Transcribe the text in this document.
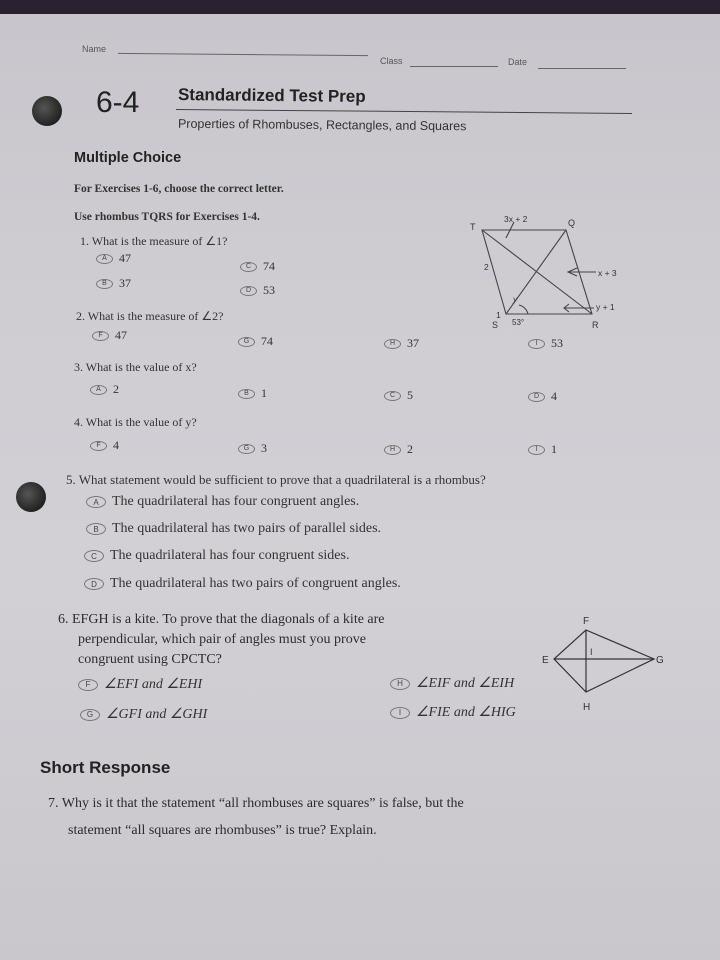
Name
Class	Date
6-4 Standardized Test Prep
Properties of Rhombuses, Rectangles, and Squares
Multiple Choice
For Exercises 1-6, choose the correct letter.
Use rhombus TQRS for Exercises 1-4.
1. What is the measure of ∠1?
A	47
B	37
C 74
D 53
2. What is the measure of ∠2?
F	47	G 74	H 37	I	53
3. What is the value of x?
A	2	B	1	C 5	D 4
4. What is the value of y?
F	4	G 3	H 2	I	1
5. What statement would be sufficient to prove that a quadrilateral is a rhombus?
A The quadrilateral has four congruent angles.
B The quadrilateral has two pairs of parallel sides.
C The quadrilateral has four congruent sides.
D The quadrilateral has two pairs of congruent angles.
6. EFGH is a kite. To prove that the diagonals of a kite are
perpendicular, which pair of angles must you prove
congruent using CPCTC?
F ∠EFI and ∠EHI	H ∠EIF and ∠EIH
G ∠GFI and ∠GHI	I	∠FIE and ∠HIG
Short Response
7. Why is it that the statement “all rhombuses are squares” is false, but the
statement “all squares are rhombuses” is true? Explain.
T	Q
R
S
3x + 2
x + 3
y + 1
2
y
1
53°
F
G
H
E
I
